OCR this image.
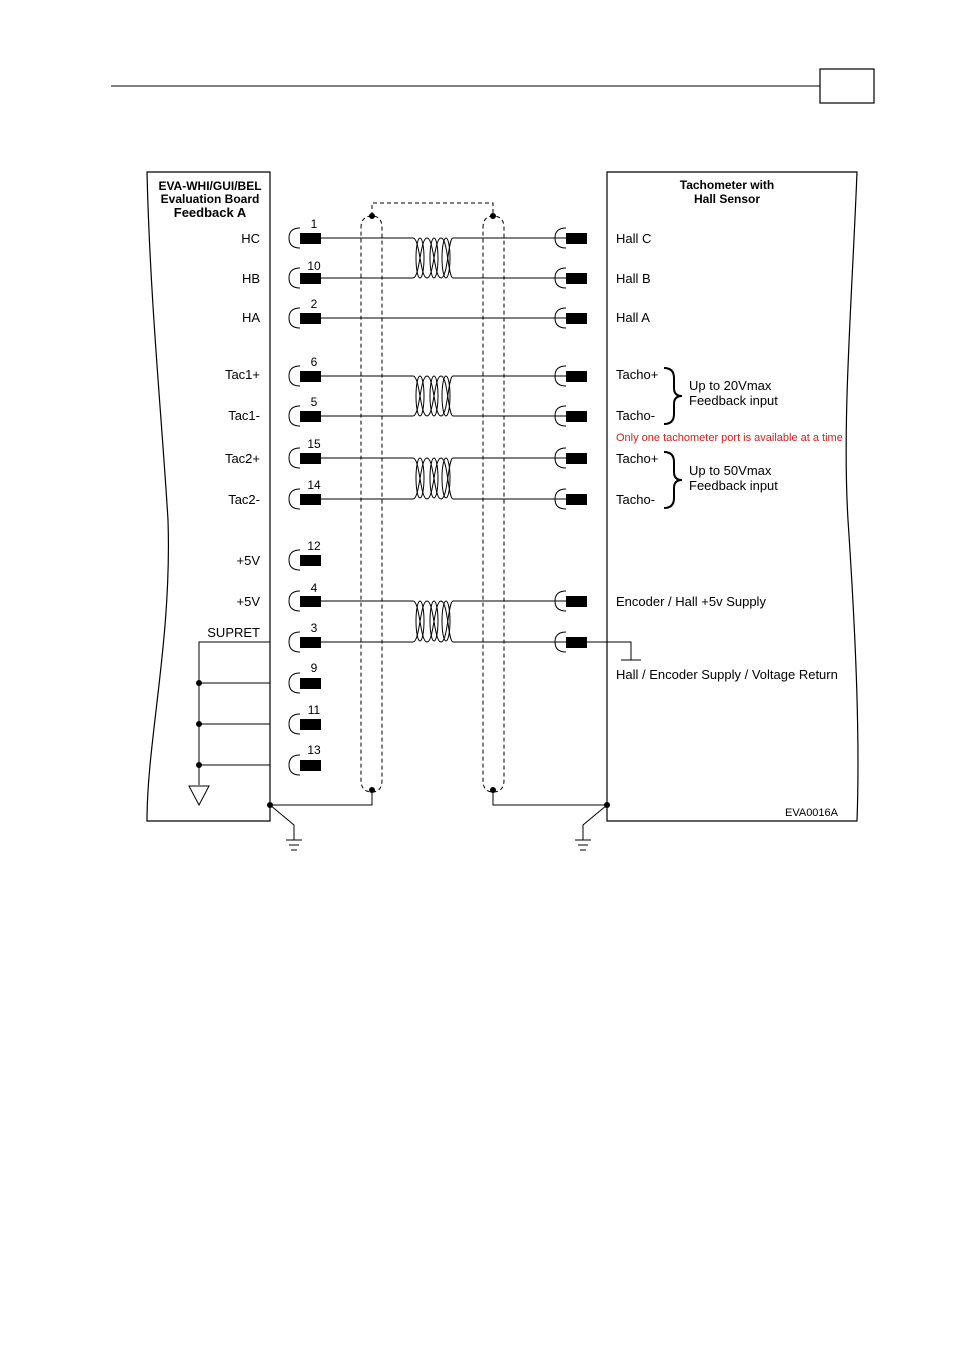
EVA-WHI/GUI/BEL
Evaluation Board
Feedback A
Tachometer with
Hall Sensor
HC
1
HB
10
HA
2
Tac1+
6
Tac1-
5
Tac2+
15
Tac2-
14
+5V
12
+5V
4
SUPRET	3
9
11
13
Hall C
Hall B
Hall A
Tacho+
Tacho-
Tacho+
Tacho-
Encoder / Hall +5v Supply
Hall / Encoder Supply / Voltage Return
Up to 20Vmax
Feedback input
Only one tachometer port is available at a time
Up to 50Vmax
Feedback input
EVA0016A
